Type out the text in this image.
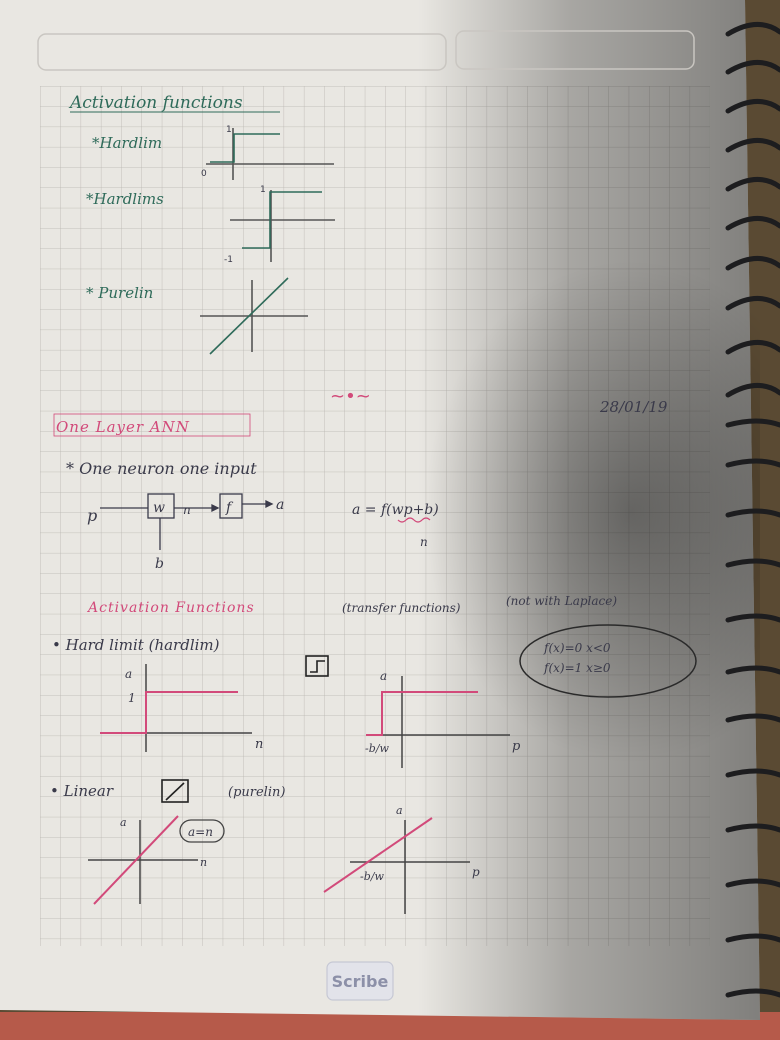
Activation functions
*Hardlim
1
0
*Hardlims	1
-1
* Purelin
~•~	28/01/19
One Layer ANN
* One neuron one input
p	w n	f	a
b
a = f(wp+b)
n
Activation Functions	(transfer functions)	(not with Laplace)
• Hard limit (hardlim)	f(x)=0 x<0
f(x)=1 x≥0
a
1
n
a
p
-b/w
• Linear	(purelin)
a
n
a=n
a
p
-b/w
Scribe
